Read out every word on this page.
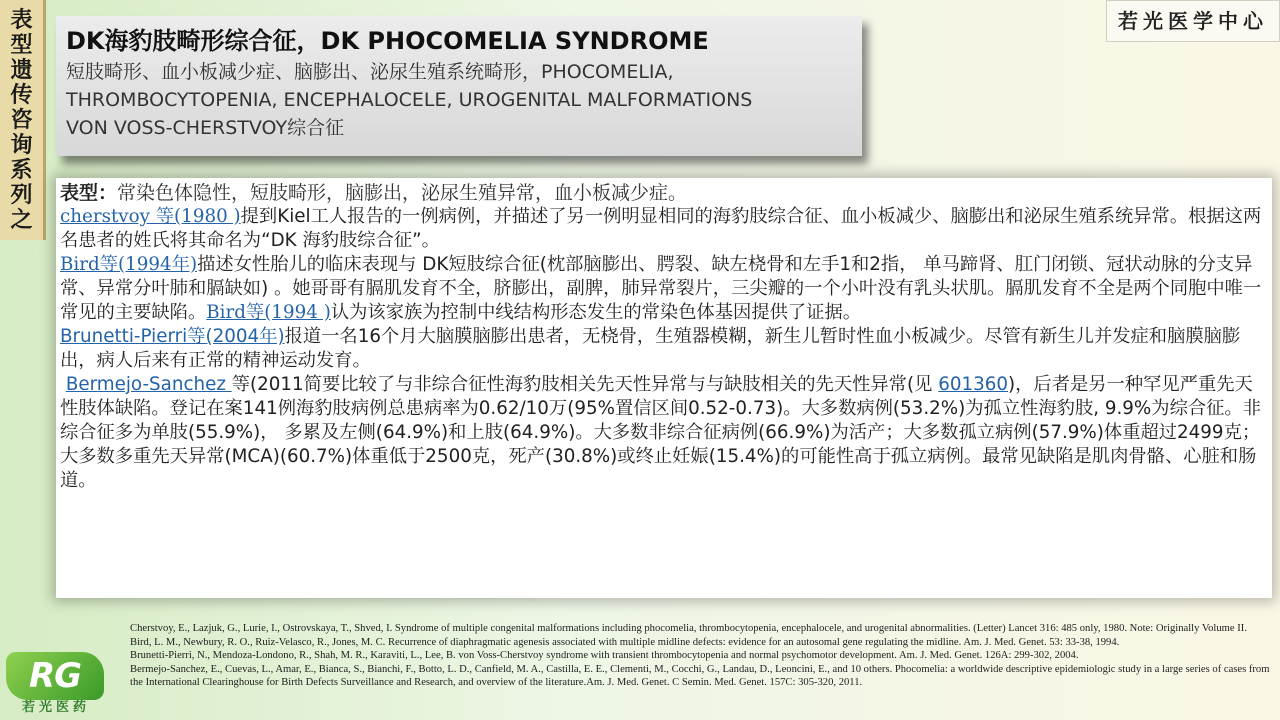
表型遗传咨询系列之
若光医学中心
DK海豹肢畸形综合征，DK PHOCOMELIA SYNDROME
短肢畸形、血小板减少症、脑膨出、泌尿生殖系统畸形，PHOCOMELIA,
THROMBOCYTOPENIA, ENCEPHALOCELE, UROGENITAL MALFORMATIONS
VON VOSS-CHERSTVOY综合征

表型：常染色体隐性，短肢畸形，脑膨出，泌尿生殖异常，血小板减少症。

cherstvoy 等(1980 )提到Kiel工人报告的一例病例，并描述了另一例明显相同的海豹肢综合征、血小板减少、脑膨出和泌尿生殖系统异常。根据这两名患者的姓氏将其命名为“DK 海豹肢综合征”。

Bird等(1994年)描述女性胎儿的临床表现与 DK短肢综合征(枕部脑膨出、腭裂、缺左桡骨和左手1和2指， 单马蹄肾、肛门闭锁、冠状动脉的分支异常、异常分叶肺和膈缺如) 。她哥哥有膈肌发育不全，脐膨出，副脾，肺异常裂片，三尖瓣的一个小叶没有乳头状肌。膈肌发育不全是两个同胞中唯一常见的主要缺陷。Bird等(1994 )认为该家族为控制中线结构形态发生的常染色体基因提供了证据。

Brunetti-Pierri等(2004年)报道一名16个月大脑膜脑膨出患者，无桡骨，生殖器模糊，新生儿暂时性血小板减少。尽管有新生儿并发症和脑膜脑膨出，病人后来有正常的精神运动发育。

Bermejo-Sanchez 等(2011简要比较了与非综合征性海豹肢相关先天性异常与与缺肢相关的先天性异常(见 601360)，后者是另一种罕见严重先天性肢体缺陷。登记在案141例海豹肢病例总患病率为0.62/10万(95%置信区间0.52-0.73)。大多数病例(53.2%)为孤立性海豹肢, 9.9%为综合征。非综合征多为单肢(55.9%)， 多累及左侧(64.9%)和上肢(64.9%)。大多数非综合征病例(66.9%)为活产；大多数孤立病例(57.9%)体重超过2499克；大多数多重先天异常(MCA)(60.7%)体重低于2500克，死产(30.8%)或终止妊娠(15.4%)的可能性高于孤立病例。最常见缺陷是肌肉骨骼、心脏和肠道。

Cherstvoy, E., Lazjuk, G., Lurie, I., Ostrovskaya, T., Shved, I. Syndrome of multiple congenital malformations including phocomelia, thrombocytopenia, encephalocele, and urogenital abnormalities. (Letter) Lancet 316: 485 only, 1980. Note: Originally Volume II.

Bird, L. M., Newbury, R. O., Ruiz-Velasco, R., Jones, M. C. Recurrence of diaphragmatic agenesis associated with multiple midline defects: evidence for an autosomal gene regulating the midline. Am. J. Med. Genet. 53: 33-38, 1994.

Brunetti-Pierri, N., Mendoza-Londono, R., Shah, M. R., Karaviti, L., Lee, B. von Voss-Cherstvoy syndrome with transient thrombocytopenia and normal psychomotor development. Am. J. Med. Genet. 126A: 299-302, 2004.

Bermejo-Sanchez, E., Cuevas, L., Amar, E., Bianca, S., Bianchi, F., Botto, L. D., Canfield, M. A., Castilla, E. E., Clementi, M., Cocchi, G., Landau, D., Leoncini, E., and 10 others. Phocomelia: a worldwide descriptive epidemiologic study in a large series of cases from the International Clearinghouse for Birth Defects Surveillance and Research, and overview of the literature.Am. J. Med. Genet. C Semin. Med. Genet. 157C: 305-320, 2011.

RG
若光医药
